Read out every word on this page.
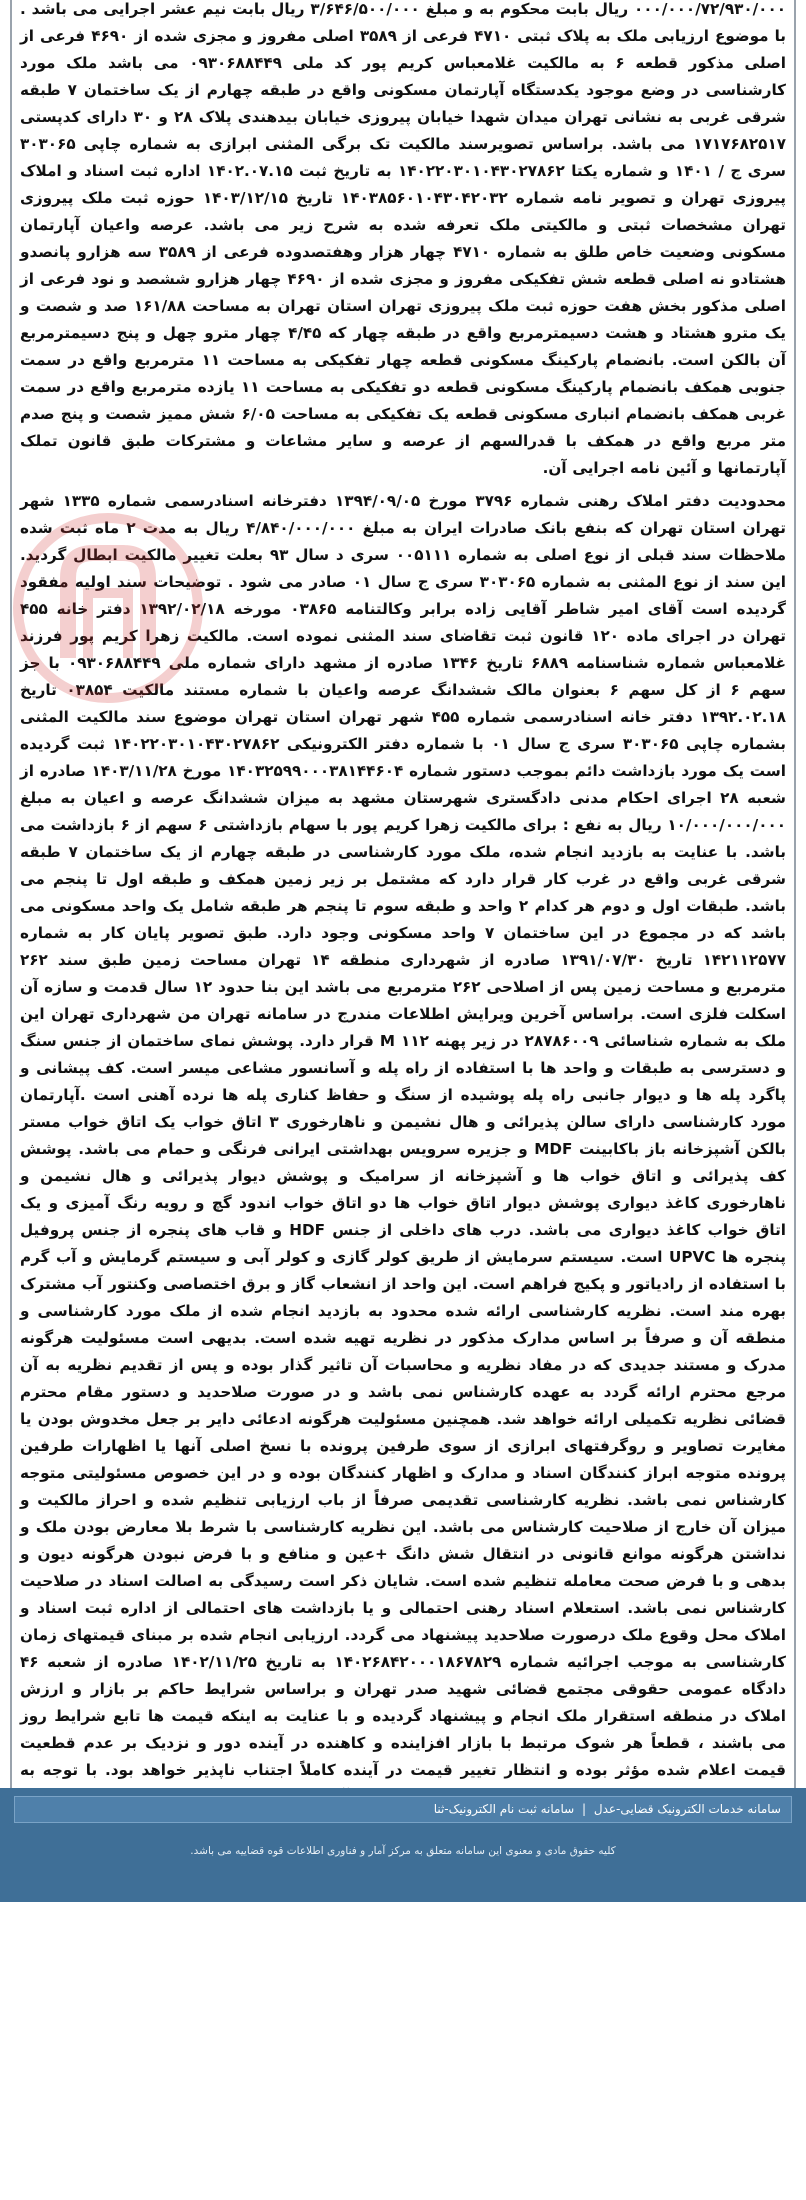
۰۰۰/۰۰۰/۷۲/۹۳۰/۰۰۰ ریال بابت محکوم به و مبلغ ۳/۶۴۶/۵۰۰/۰۰۰ ریال بابت نیم عشر اجرایی می باشد . با موضوع ارزیابی ملک به پلاک ثبتی ۴۷۱۰ فرعی از ۳۵۸۹ اصلی مفروز و مجزی شده از ۴۶۹۰ فرعی از اصلی مذکور قطعه ۶ به مالکیت غلامعباس کریم پور کد ملی ۰۹۳۰۶۸۸۴۴۹ می باشد ملک مورد کارشناسی در وضع موجود یکدستگاه آپارتمان مسکونی واقع در طبقه چهارم از یک ساختمان ۷ طبقه شرقی غربی به نشانی تهران میدان شهدا خیابان پیروزی خیابان بیدهندی پلاک ۲۸ و ۳۰ دارای کدپستی ۱۷۱۷۶۸۲۵۱۷ می باشد. براساس تصویرسند مالکیت تک برگی المثنی ابرازی به شماره چاپی ۳۰۳۰۶۵ سری ج / ۱۴۰۱ و شماره یکتا ۱۴۰۲۲۰۳۰۱۰۴۳۰۲۷۸۶۲ به تاریخ ثبت ۱۴۰۲.۰۷.۱۵ اداره ثبت اسناد و املاک پیروزی تهران و تصویر نامه شماره ۱۴۰۳۸۵۶۰۱۰۴۳۰۴۲۰۳۲ تاریخ ۱۴۰۳/۱۲/۱۵ حوزه ثبت ملک پیروزی تهران مشخصات ثبتی و مالکیتی ملک تعرفه شده به شرح زیر می باشد. عرصه واعیان آپارتمان مسکونی وضعیت خاص طلق به شماره ۴۷۱۰ چهار هزار وهفتصدوده فرعی از ۳۵۸۹ سه هزارو پانصدو هشتادو نه اصلی قطعه شش تفکیکی مفروز و مجزی شده از ۴۶۹۰ چهار هزارو ششصد و نود فرعی از اصلی مذکور بخش هفت حوزه ثبت ملک پیروزی تهران استان تهران به مساحت ۱۶۱/۸۸ صد و شصت و یک مترو هشتاد و هشت دسیمترمربع واقع در طبقه چهار که ۴/۴۵ چهار مترو چهل و پنج دسیمترمربع آن بالکن است. بانضمام پارکینگ مسکونی قطعه چهار تفکیکی به مساحت ۱۱ مترمربع واقع در سمت جنوبی همکف بانضمام پارکینگ مسکونی قطعه دو تفکیکی به مساحت ۱۱ یازده مترمربع واقع در سمت غربی همکف بانضمام انباری مسکونی قطعه یک تفکیکی به مساحت ۶/۰۵ شش ممیز شصت و پنج صدم متر مربع واقع در همکف با قدرالسهم از عرصه و سایر مشاعات و مشترکات طبق قانون تملک آپارتمانها و آئین نامه اجرایی آن.

محدودیت دفتر املاک رهنی شماره ۳۷۹۶ مورخ ۱۳۹۴/۰۹/۰۵ دفترخانه اسنادرسمی شماره ۱۳۳۵ شهر تهران استان تهران که بنفع بانک صادرات ایران به مبلغ ۴/۸۴۰/۰۰۰/۰۰۰ ریال به مدت ۲ ماه ثبت شده ملاحظات سند قبلی از نوع اصلی به شماره ۰۰۵۱۱۱ سری د سال ۹۳ بعلت تغییر مالکیت ابطال گردید. این سند از نوع المثنی به شماره ۳۰۳۰۶۵ سری ج سال ۰۱ صادر می شود . توضیحات سند اولیه مفقود گردیده است آقای امیر شاطر آقایی زاده برابر وکالتنامه ۰۳۸۶۵ مورخه ۱۳۹۲/۰۲/۱۸ دفتر خانه ۴۵۵ تهران در اجرای ماده ۱۲۰ قانون ثبت تقاضای سند المثنی نموده است. مالکیت زهرا کریم پور فرزند غلامعباس شماره شناسنامه ۶۸۸۹ تاریخ ۱۳۴۶ صادره از مشهد دارای شماره ملی ۰۹۳۰۶۸۸۴۴۹ با جز سهم ۶ از کل سهم ۶ بعنوان مالک ششدانگ عرصه واعیان با شماره مستند مالکیت ۰۳۸۵۴ تاریخ ۱۳۹۲.۰۲.۱۸ دفتر خانه اسنادرسمی شماره ۴۵۵ شهر تهران استان تهران موضوع سند مالکیت المثنی بشماره چاپی ۳۰۳۰۶۵ سری ج سال ۰۱ با شماره دفتر الکترونیکی ۱۴۰۲۲۰۳۰۱۰۴۳۰۲۷۸۶۲ ثبت گردیده است یک مورد بازداشت دائم بموجب دستور شماره ۱۴۰۳۲۵۹۹۰۰۰۳۸۱۴۴۶۰۴ مورخ ۱۴۰۳/۱۱/۲۸ صادره از شعبه ۲۸ اجرای احکام مدنی دادگستری شهرستان مشهد به میزان ششدانگ عرصه و اعیان به مبلغ ۱۰/۰۰۰/۰۰۰/۰۰۰ ریال به نفع : برای مالکیت زهرا کریم پور با سهام بازداشتی ۶ سهم از ۶ بازداشت می باشد. با عنایت به بازدید انجام شده، ملک مورد کارشناسی در طبقه چهارم از یک ساختمان ۷ طبقه شرقی غربی واقع در غرب کار قرار دارد که مشتمل بر زیر زمین همکف و طبقه اول تا پنجم می باشد. طبقات اول و دوم هر کدام ۲ واحد و طبقه سوم تا پنجم هر طبقه شامل یک واحد مسکونی می باشد که در مجموع در این ساختمان ۷ واحد مسکونی وجود دارد. طبق تصویر پایان کار به شماره ۱۴۲۱۱۲۵۷۷ تاریخ ۱۳۹۱/۰۷/۳۰ صادره از شهرداری منطقه ۱۴ تهران مساحت زمین طبق سند ۲۶۲ مترمربع و مساحت زمین پس از اصلاحی ۲۶۲ مترمربع می باشد این بنا حدود ۱۲ سال قدمت و سازه آن اسکلت فلزی است. براساس آخرین ویرایش اطلاعات مندرج در سامانه تهران من شهرداری تهران این ملک به شماره شناسائی ۲۸۷۸۶۰۰۹ در زیر پهنه M ۱۱۲ قرار دارد. پوشش نمای ساختمان از جنس سنگ و دسترسی به طبقات و واحد ها با استفاده از راه پله و آسانسور مشاعی میسر است. کف پیشانی و پاگرد پله ها و دیوار جانبی راه پله پوشیده از سنگ و حفاظ کناری پله ها نرده آهنی است .آپارتمان مورد کارشناسی دارای سالن پذیرائی و هال نشیمن و ناهارخوری ۳ اتاق خواب یک اتاق خواب مستر بالکن آشپزخانه باز باکابینت MDF و جزیره سرویس بهداشتی ایرانی فرنگی و حمام می باشد. پوشش کف پذیرائی و اتاق خواب ها و آشپزخانه از سرامیک و پوشش دیوار پذیرائی و هال نشیمن و ناهارخوری کاغذ دیواری پوشش دیوار اتاق خواب ها دو اتاق خواب اندود گچ و رویه رنگ آمیزی و یک اتاق خواب کاغذ دیواری می باشد. درب های داخلی از جنس HDF و قاب های پنجره از جنس پروفیل پنجره ها UPVC است. سیستم سرمایش از طریق کولر گازی و کولر آبی و سیستم گرمایش و آب گرم با استفاده از رادیاتور و پکیج فراهم است. این واحد از انشعاب گاز و برق اختصاصی وکنتور آب مشترک بهره مند است. نظریه کارشناسی ارائه شده محدود به بازدید انجام شده از ملک مورد کارشناسی و منطقه آن و صرفاً بر اساس مدارک مذکور در نظریه تهیه شده است. بدیهی است مسئولیت هرگونه مدرک و مستند جدیدی که در مفاد نظریه و محاسبات آن تاثیر گذار بوده و پس از تقدیم نظریه به آن مرجع محترم ارائه گردد به عهده کارشناس نمی باشد و در صورت صلاحدید و دستور مقام محترم قضائی نظریه تکمیلی ارائه خواهد شد. همچنین مسئولیت هرگونه ادعائی دایر بر جعل مخدوش بودن یا مغایرت تصاویر و روگرفتهای ابرازی از سوی طرفین پرونده با نسخ اصلی آنها یا اظهارات طرفین پرونده متوجه ابراز کنندگان اسناد و مدارک و اظهار کنندگان بوده و در این خصوص مسئولیتی متوجه کارشناس نمی باشد. نظریه کارشناسی تقدیمی صرفاً از باب ارزیابی تنظیم شده و احراز مالکیت و میزان آن خارج از صلاحیت کارشناس می باشد. این نظریه کارشناسی با شرط بلا معارض بودن ملک و نداشتن هرگونه موانع قانونی در انتقال شش دانگ +عین و منافع و با فرض نبودن هرگونه دیون و بدهی و با فرض صحت معامله تنظیم شده است. شایان ذکر است رسیدگی به اصالت اسناد در صلاحیت کارشناس نمی باشد. استعلام اسناد رهنی احتمالی و یا بازداشت های احتمالی از اداره ثبت اسناد و املاک محل وقوع ملک درصورت صلاحدید پیشنهاد می گردد. ارزیابی انجام شده بر مبنای قیمتهای زمان کارشناسی به موجب اجرائیه شماره ۱۴۰۲۶۸۴۲۰۰۰۱۸۶۷۸۲۹ به تاریخ ۱۴۰۲/۱۱/۲۵ صادره از شعبه ۴۶ دادگاه عمومی حقوقی مجتمع قضائی شهید صدر تهران و براساس شرایط حاکم بر بازار و ارزش املاک در منطقه استقرار ملک انجام و پیشنهاد گردیده و با عنایت به اینکه قیمت ها تابع شرایط روز می باشند ، قطعاً هر شوک مرتبط با بازار افزاینده و کاهنده در آینده دور و نزدیک بر عدم قطعیت قیمت اعلام شده مؤثر بوده و انتظار تغییر قیمت در آینده کاملاً اجتناب ناپذیر خواهد بود. با توجه به

سامانه خدمات الکترونیک قضایی-عدل | سامانه ثبت نام الکترونیک-ثنا
کلیه حقوق مادی و معنوی این سامانه متعلق به مرکز آمار و فناوری اطلاعات قوه قضاییه می باشد.
